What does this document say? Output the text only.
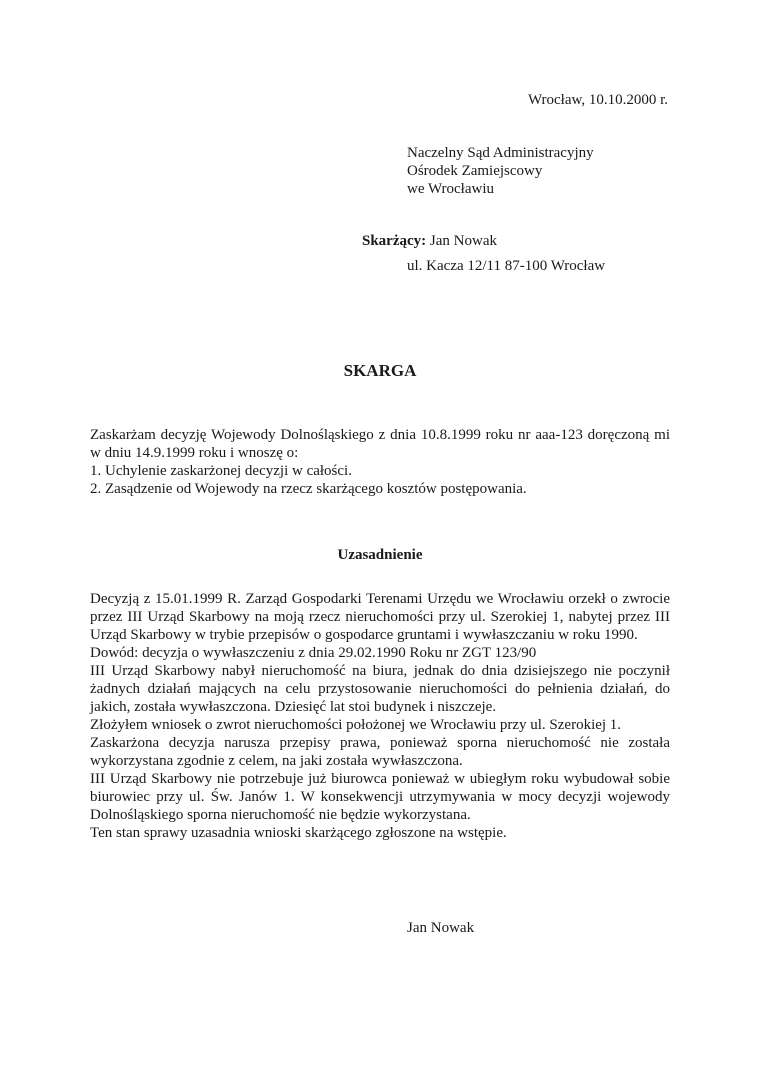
Wrocław, 10.10.2000 r.
Naczelny Sąd Administracyjny
Ośrodek Zamiejscowy
we Wrocławiu
Skarżący: Jan Nowak
ul. Kacza 12/11 87-100 Wrocław
SKARGA
Zaskarżam decyzję Wojewody Dolnośląskiego z dnia 10.8.1999 roku nr aaa-123 doręczoną mi w dniu 14.9.1999 roku i wnoszę o:
1. Uchylenie zaskarżonej decyzji w całości.
2. Zasądzenie od Wojewody na rzecz skarżącego kosztów postępowania.
Uzasadnienie
Decyzją z 15.01.1999 R. Zarząd Gospodarki Terenami Urzędu we Wrocławiu orzekł o zwrocie przez III Urząd Skarbowy na moją rzecz nieruchomości przy ul. Szerokiej 1, nabytej przez III Urząd Skarbowy w trybie przepisów o gospodarce gruntami i wywłaszczaniu w roku 1990.
Dowód: decyzja o wywłaszczeniu z dnia 29.02.1990 Roku nr ZGT 123/90
III Urząd Skarbowy nabył nieruchomość na biura, jednak do dnia dzisiejszego nie poczynił żadnych działań mających na celu przystosowanie nieruchomości do pełnienia działań, do jakich, została wywłaszczona. Dziesięć lat stoi budynek i niszczeje.
Złożyłem wniosek o zwrot nieruchomości położonej we Wrocławiu przy ul. Szerokiej 1.
Zaskarżona decyzja narusza przepisy prawa, ponieważ sporna nieruchomość nie została wykorzystana zgodnie z celem, na jaki została wywłaszczona.
III Urząd Skarbowy nie potrzebuje już biurowca ponieważ w ubiegłym roku wybudował sobie biurowiec przy ul. Św. Janów 1. W konsekwencji utrzymywania w mocy decyzji wojewody Dolnośląskiego sporna nieruchomość nie będzie wykorzystana.
Ten stan sprawy uzasadnia wnioski skarżącego zgłoszone na wstępie.
Jan Nowak
